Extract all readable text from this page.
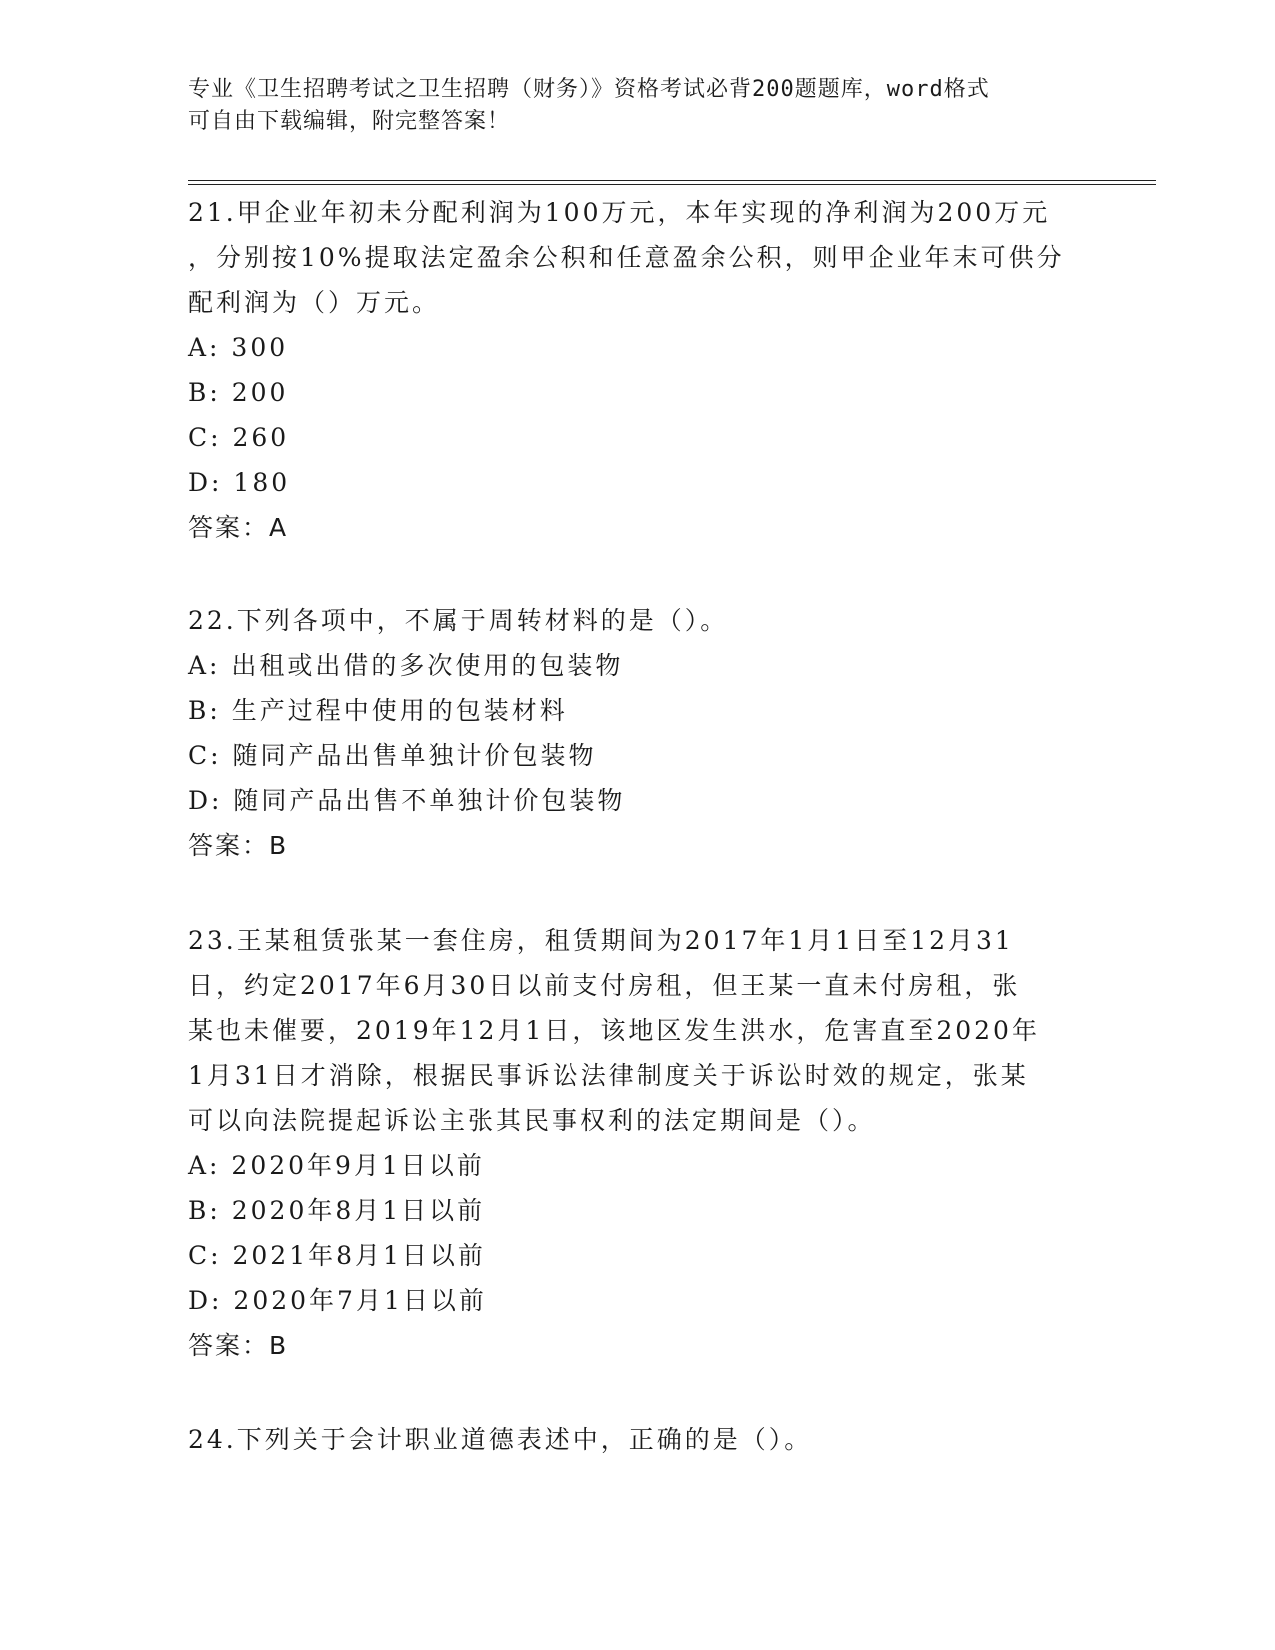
专业《卫生招聘考试之卫生招聘（财务）》资格考试必背200题题库，word格式
可自由下载编辑，附完整答案！
21.甲企业年初未分配利润为100万元，本年实现的净利润为200万元
，分别按10%提取法定盈余公积和任意盈余公积，则甲企业年末可供分
配利润为（）万元。
A: 300
B: 200
C: 260
D: 180
答案：A
22.下列各项中，不属于周转材料的是（）。
A: 出租或出借的多次使用的包装物
B: 生产过程中使用的包装材料
C: 随同产品出售单独计价包装物
D: 随同产品出售不单独计价包装物
答案：B
23.王某租赁张某一套住房，租赁期间为2017年1月1日至12月31
日，约定2017年6月30日以前支付房租，但王某一直未付房租，张
某也未催要，2019年12月1日，该地区发生洪水，危害直至2020年
1月31日才消除，根据民事诉讼法律制度关于诉讼时效的规定，张某
可以向法院提起诉讼主张其民事权利的法定期间是（）。
A: 2020年9月1日以前
B: 2020年8月1日以前
C: 2021年8月1日以前
D: 2020年7月1日以前
答案：B
24.下列关于会计职业道德表述中，正确的是（）。
